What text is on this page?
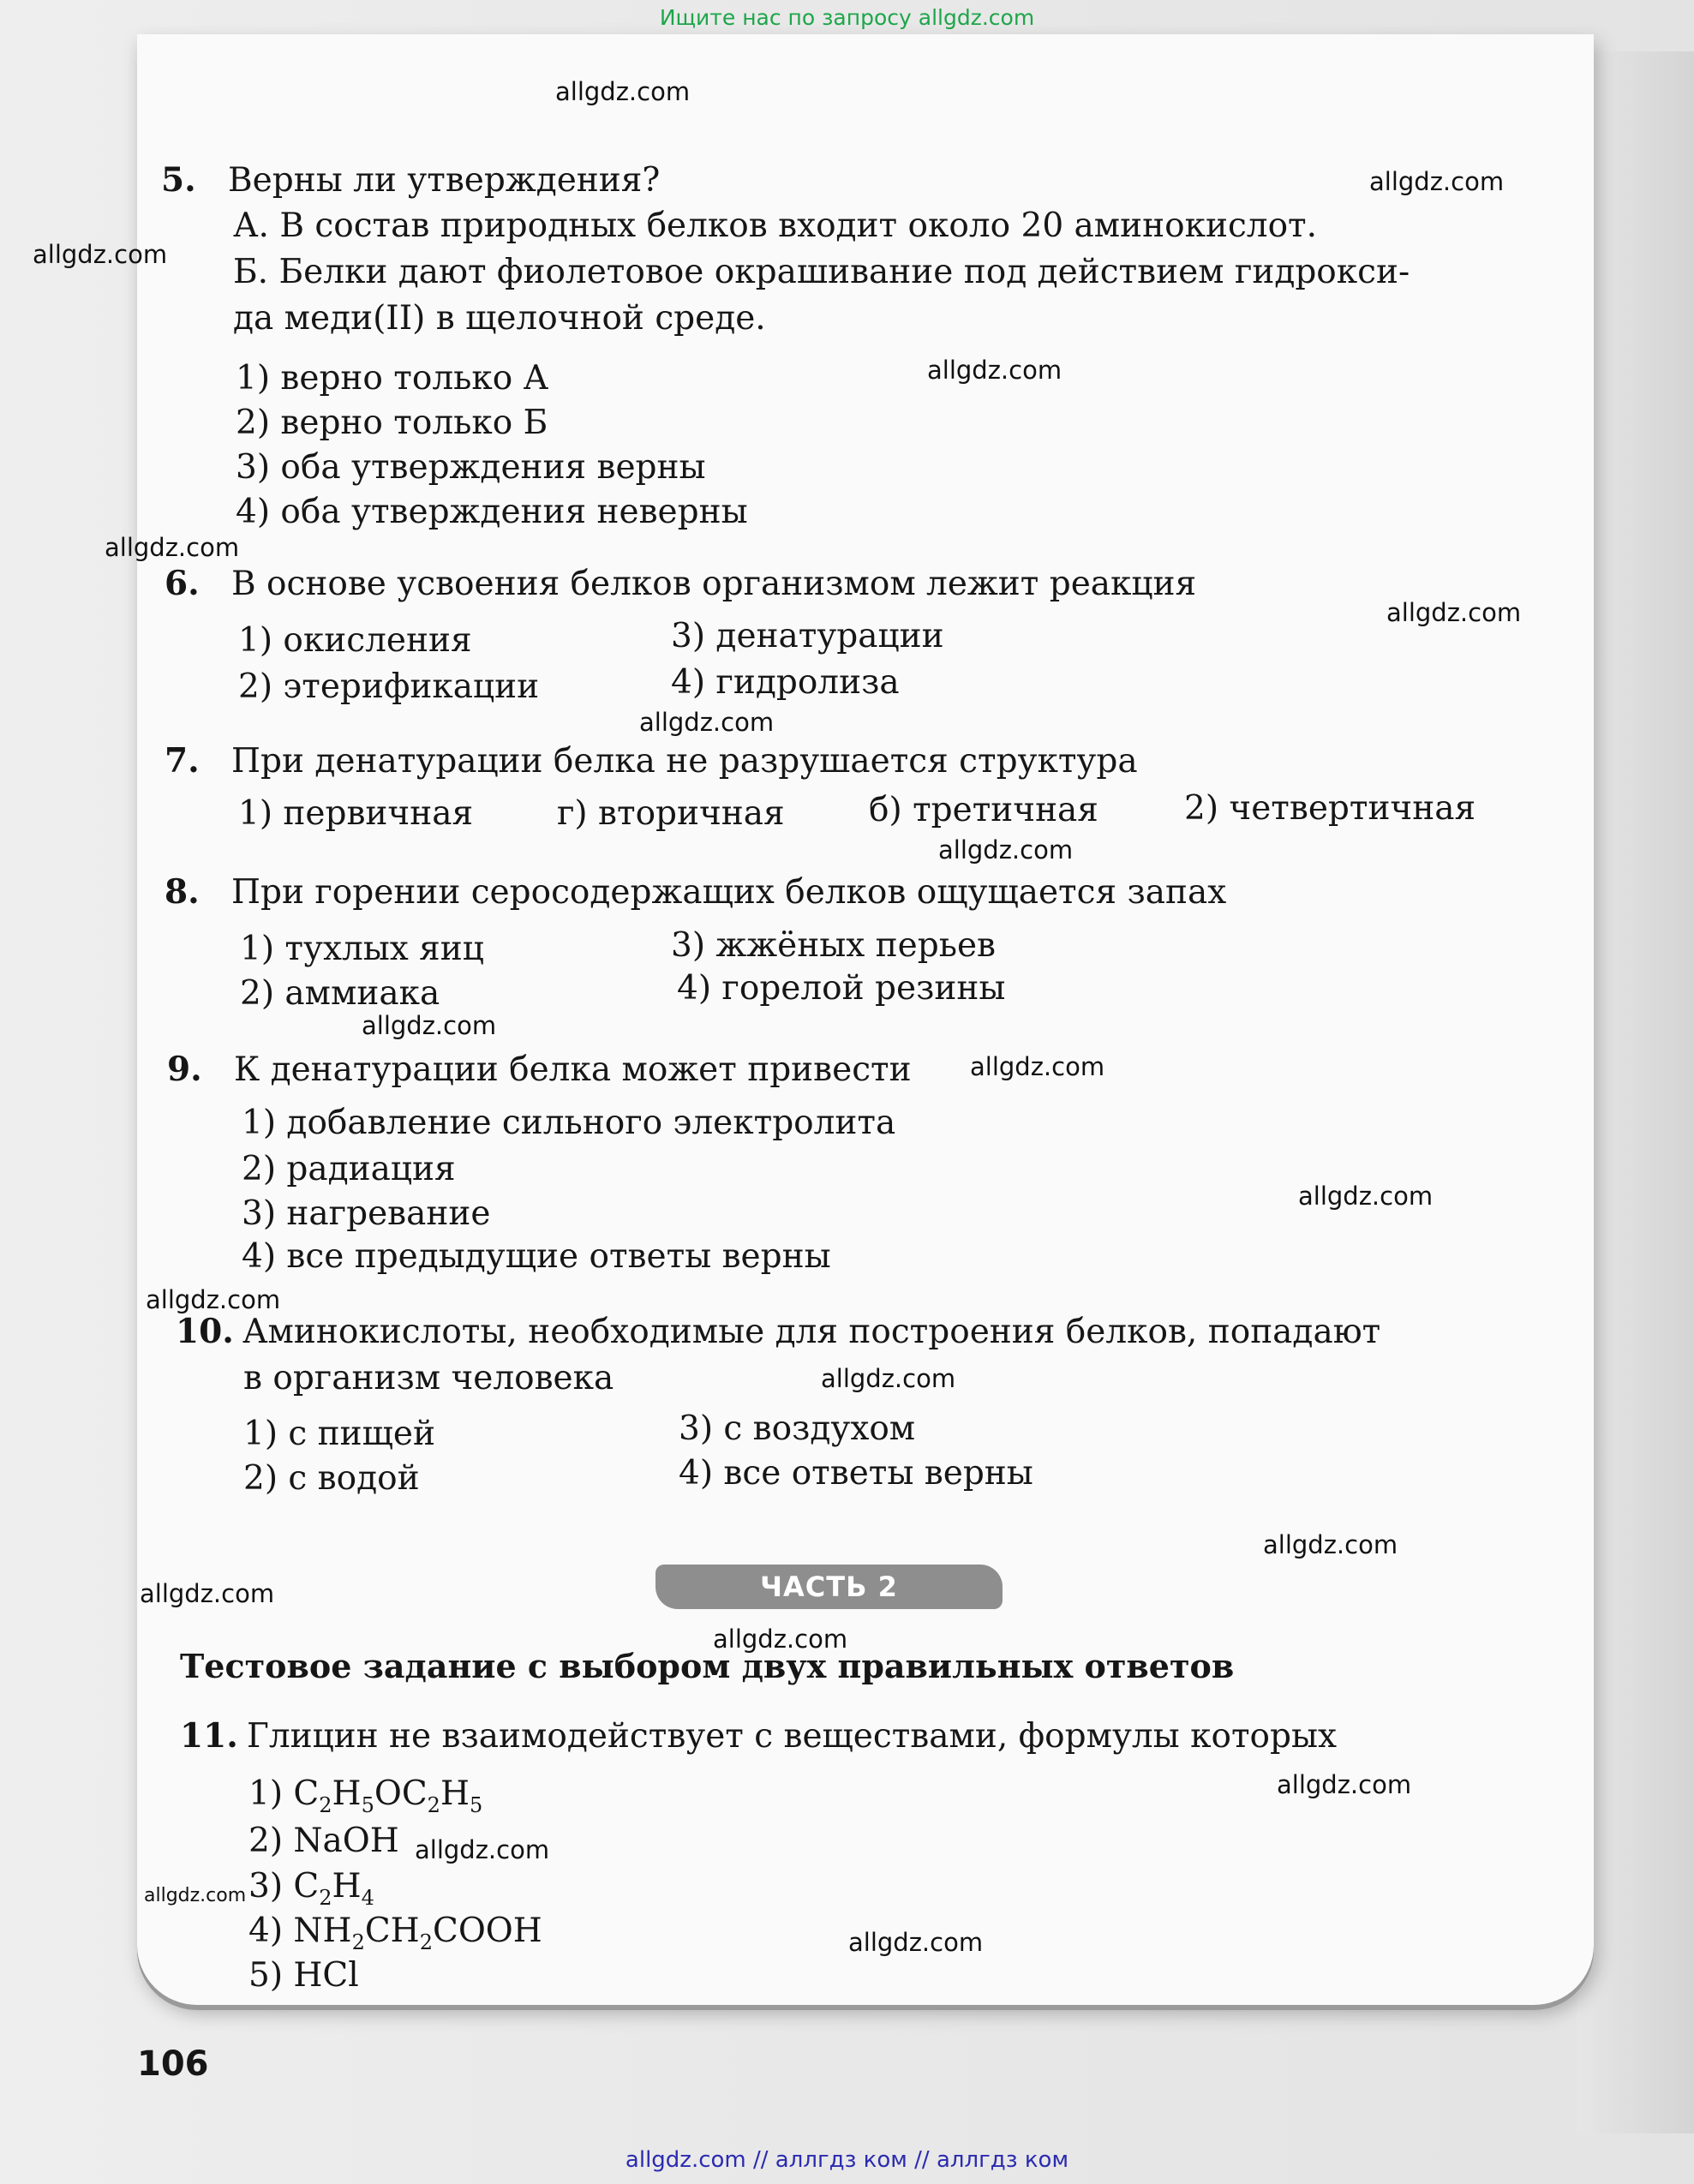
Ищите нас по запросу allgdz.com
allgdz.com
allgdz.com
allgdz.com
allgdz.com
allgdz.com
allgdz.com
allgdz.com
allgdz.com
allgdz.com
allgdz.com
allgdz.com
allgdz.com
allgdz.com
allgdz.com
allgdz.com
allgdz.com
allgdz.com
allgdz.com
allgdz.com
allgdz.com
5. Верны ли утверждения?
А. В состав природных белков входит около 20 аминокислот.
Б. Белки дают фиолетовое окрашивание под действием гидрокси-
да меди(II) в щелочной среде.
1) верно только А
2) верно только Б
3) оба утверждения верны
4) оба утверждения неверны
6. В основе усвоения белков организмом лежит реакция
1) окисления	3) денатурации
2) этерификации	4) гидролиза
7. При денатурации белка не разрушается структура
1) первичная	г) вторичная	б) третичная	2) четвертичная
8. При горении серосодержащих белков ощущается запах
1) тухлых яиц	3) жжёных перьев
2) аммиака	4) горелой резины
9. К денатурации белка может привести
1) добавление сильного электролита
2) радиация
3) нагревание
4) все предыдущие ответы верны
10. Аминокислоты, необходимые для построения белков, попадают
в организм человека
1) с пищей	3) с воздухом
2) с водой	4) все ответы верны
ЧАСТЬ 2
Тестовое задание с выбором двух правильных ответов
11. Глицин не взаимодействует с веществами, формулы которых
1) $C_2H_5OC_2H_5$
2) NaOH
3) $C_2H_4$
4) $NH_2CH_2COOH$
5) HCl
106
allgdz.com // аллгдз ком // аллгдз ком
